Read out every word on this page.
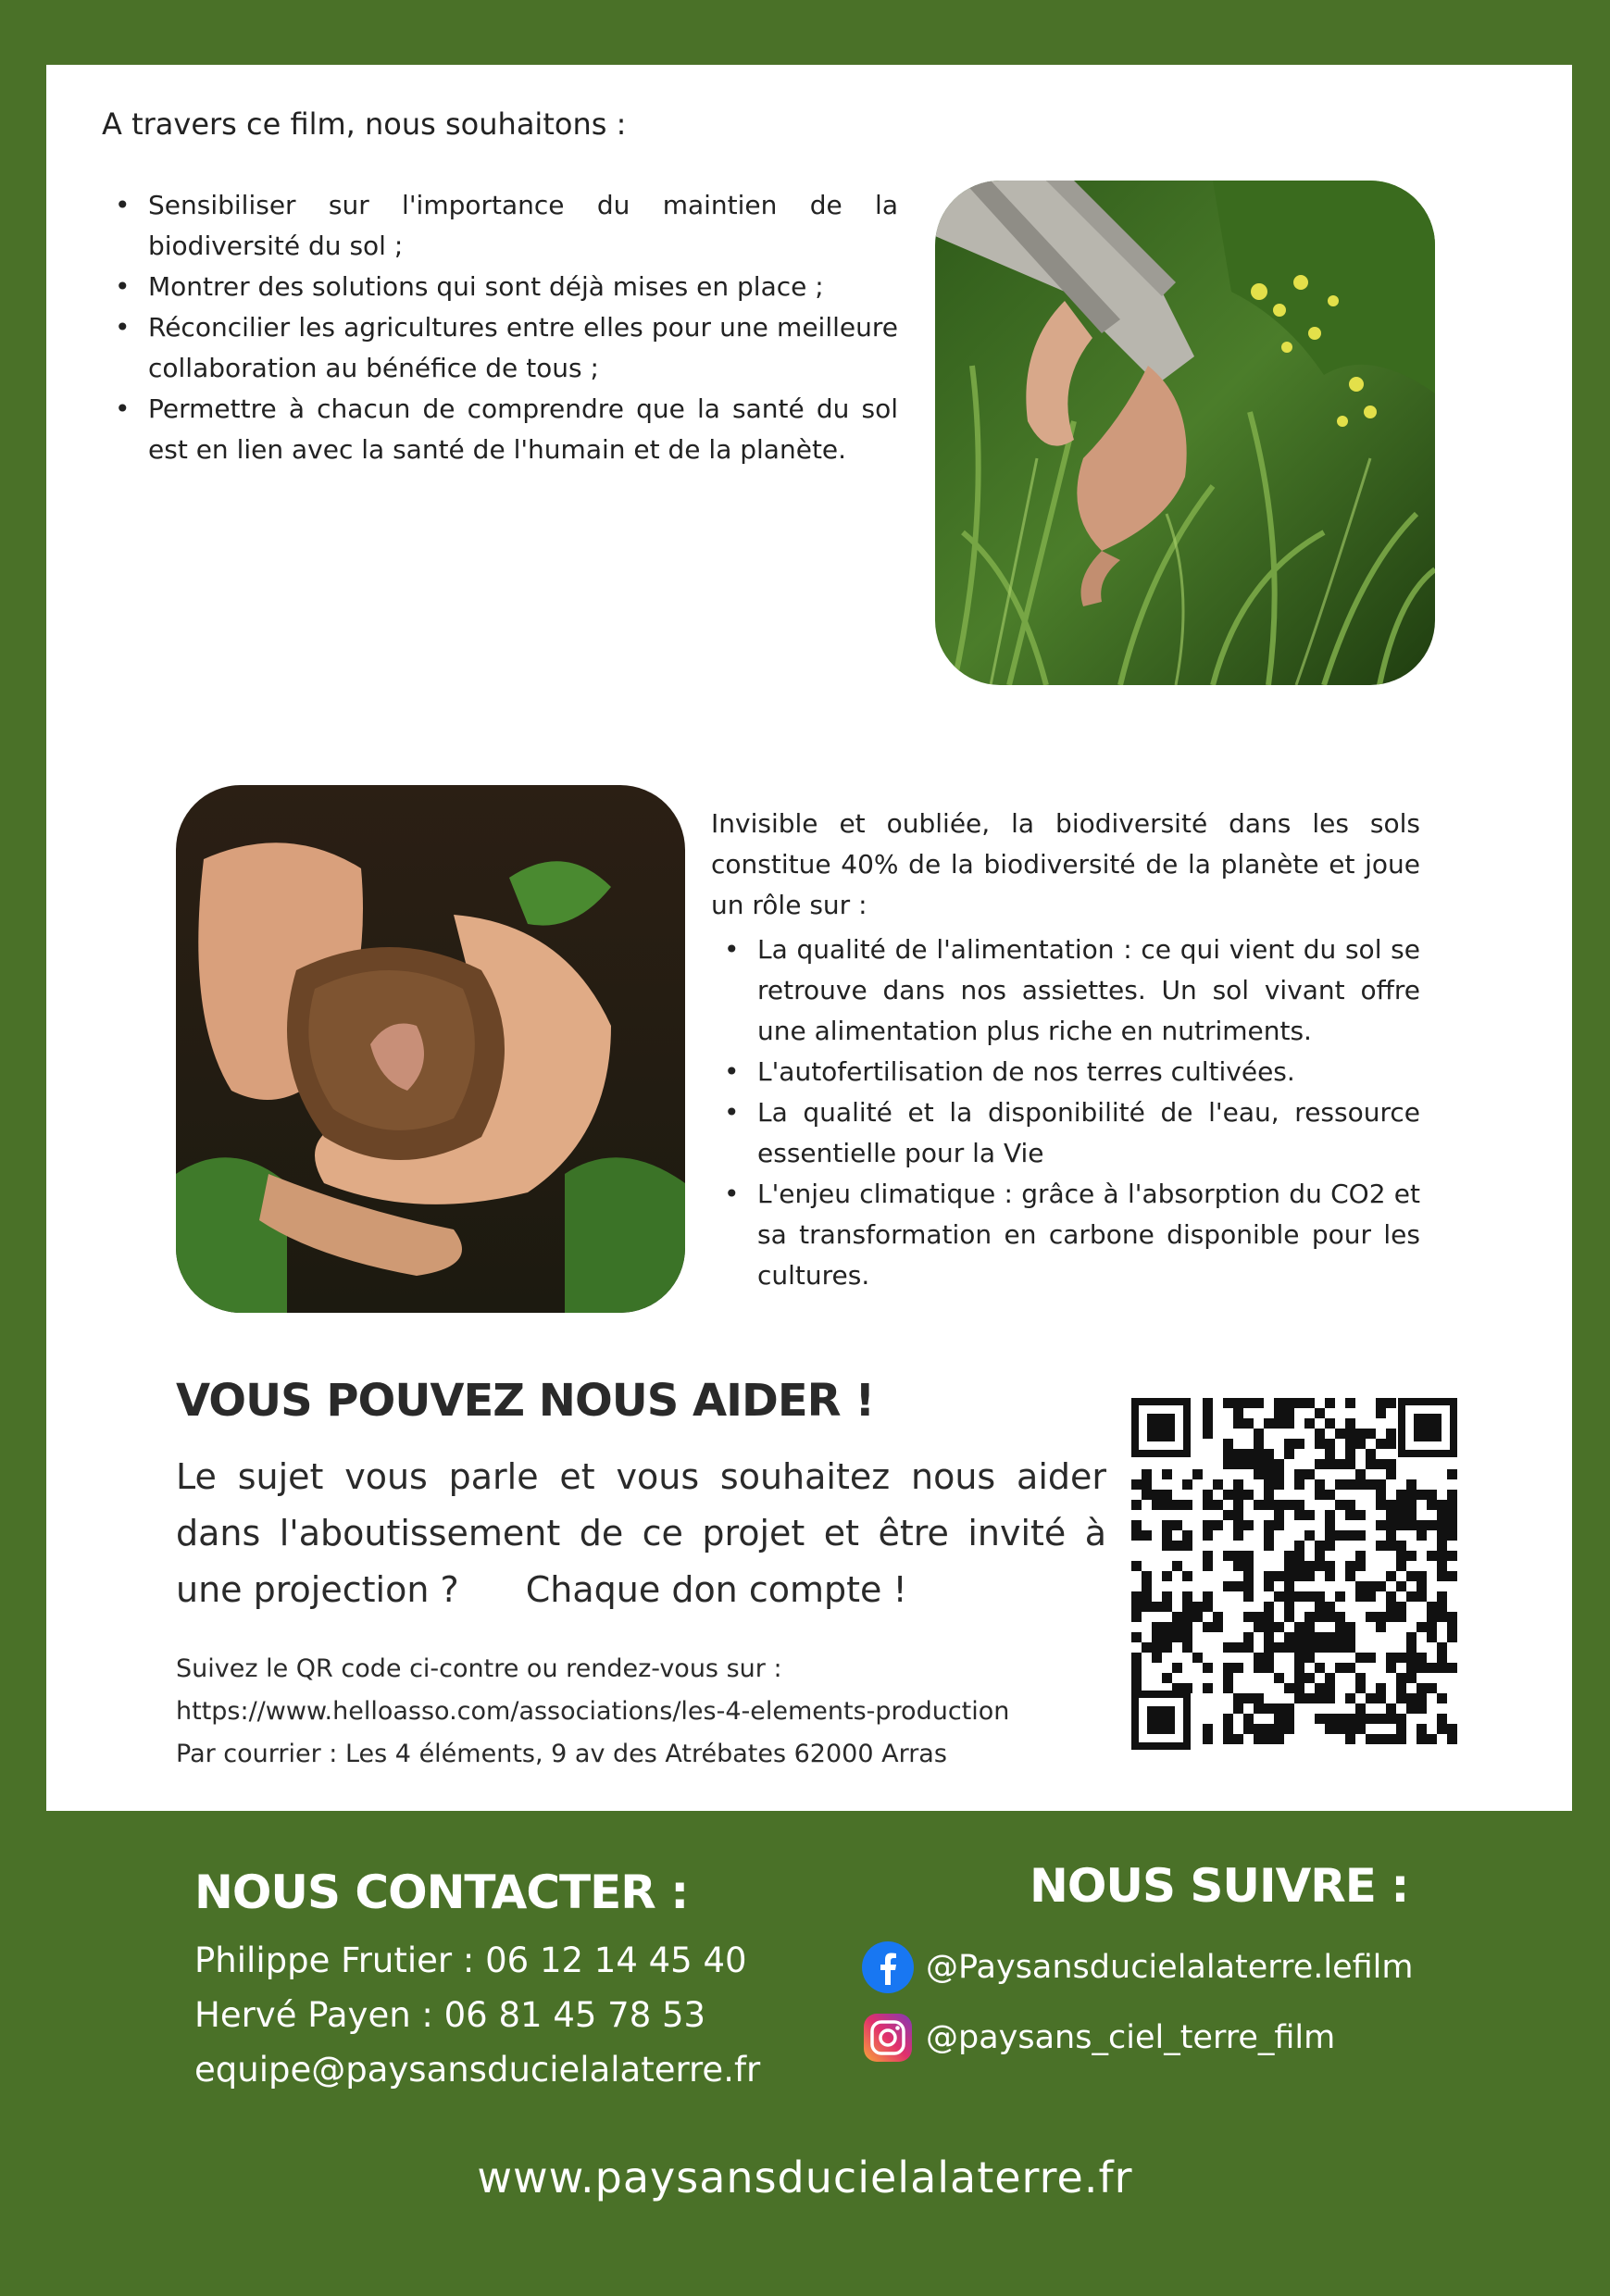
A travers ce film, nous souhaitons :
• Sensibiliser sur l'importance du maintien de la biodiversité du sol ;
• Montrer des solutions qui sont déjà mises en place ;
• Réconcilier les agricultures entre elles pour une meilleure collaboration au bénéfice de tous ;
• Permettre à chacun de comprendre que la santé du sol est en lien avec la santé de l'humain et de la planète.

Invisible et oubliée, la biodiversité dans les sols constitue 40% de la biodiversité de la planète et joue un rôle sur :

• La qualité de l'alimentation : ce qui vient du sol se retrouve dans nos assiettes. Un sol vivant offre une alimentation plus riche en nutriments.
• L'autofertilisation de nos terres cultivées.
• La qualité et la disponibilité de l'eau, ressource essentielle pour la Vie
• L'enjeu climatique : grâce à l'absorption du CO2 et sa transformation en carbone disponible pour les cultures.
VOUS POUVEZ NOUS AIDER !

Le sujet vous parle et vous souhaitez nous aider dans l'aboutissement de ce projet et être invité à une projection ? Chaque don compte !

Suivez le QR code ci-contre ou rendez-vous sur :
https://www.helloasso.com/associations/les-4-elements-production
Par courrier : Les 4 éléments, 9 av des Atrébates 62000 Arras
NOUS CONTACTER :
Philippe Frutier : 06 12 14 45 40
Hervé Payen : 06 81 45 78 53
equipe@paysansducielalaterre.fr
NOUS SUIVRE :
@Paysansducielalaterre.lefilm
@paysans_ciel_terre_film
www.paysansducielalaterre.fr
